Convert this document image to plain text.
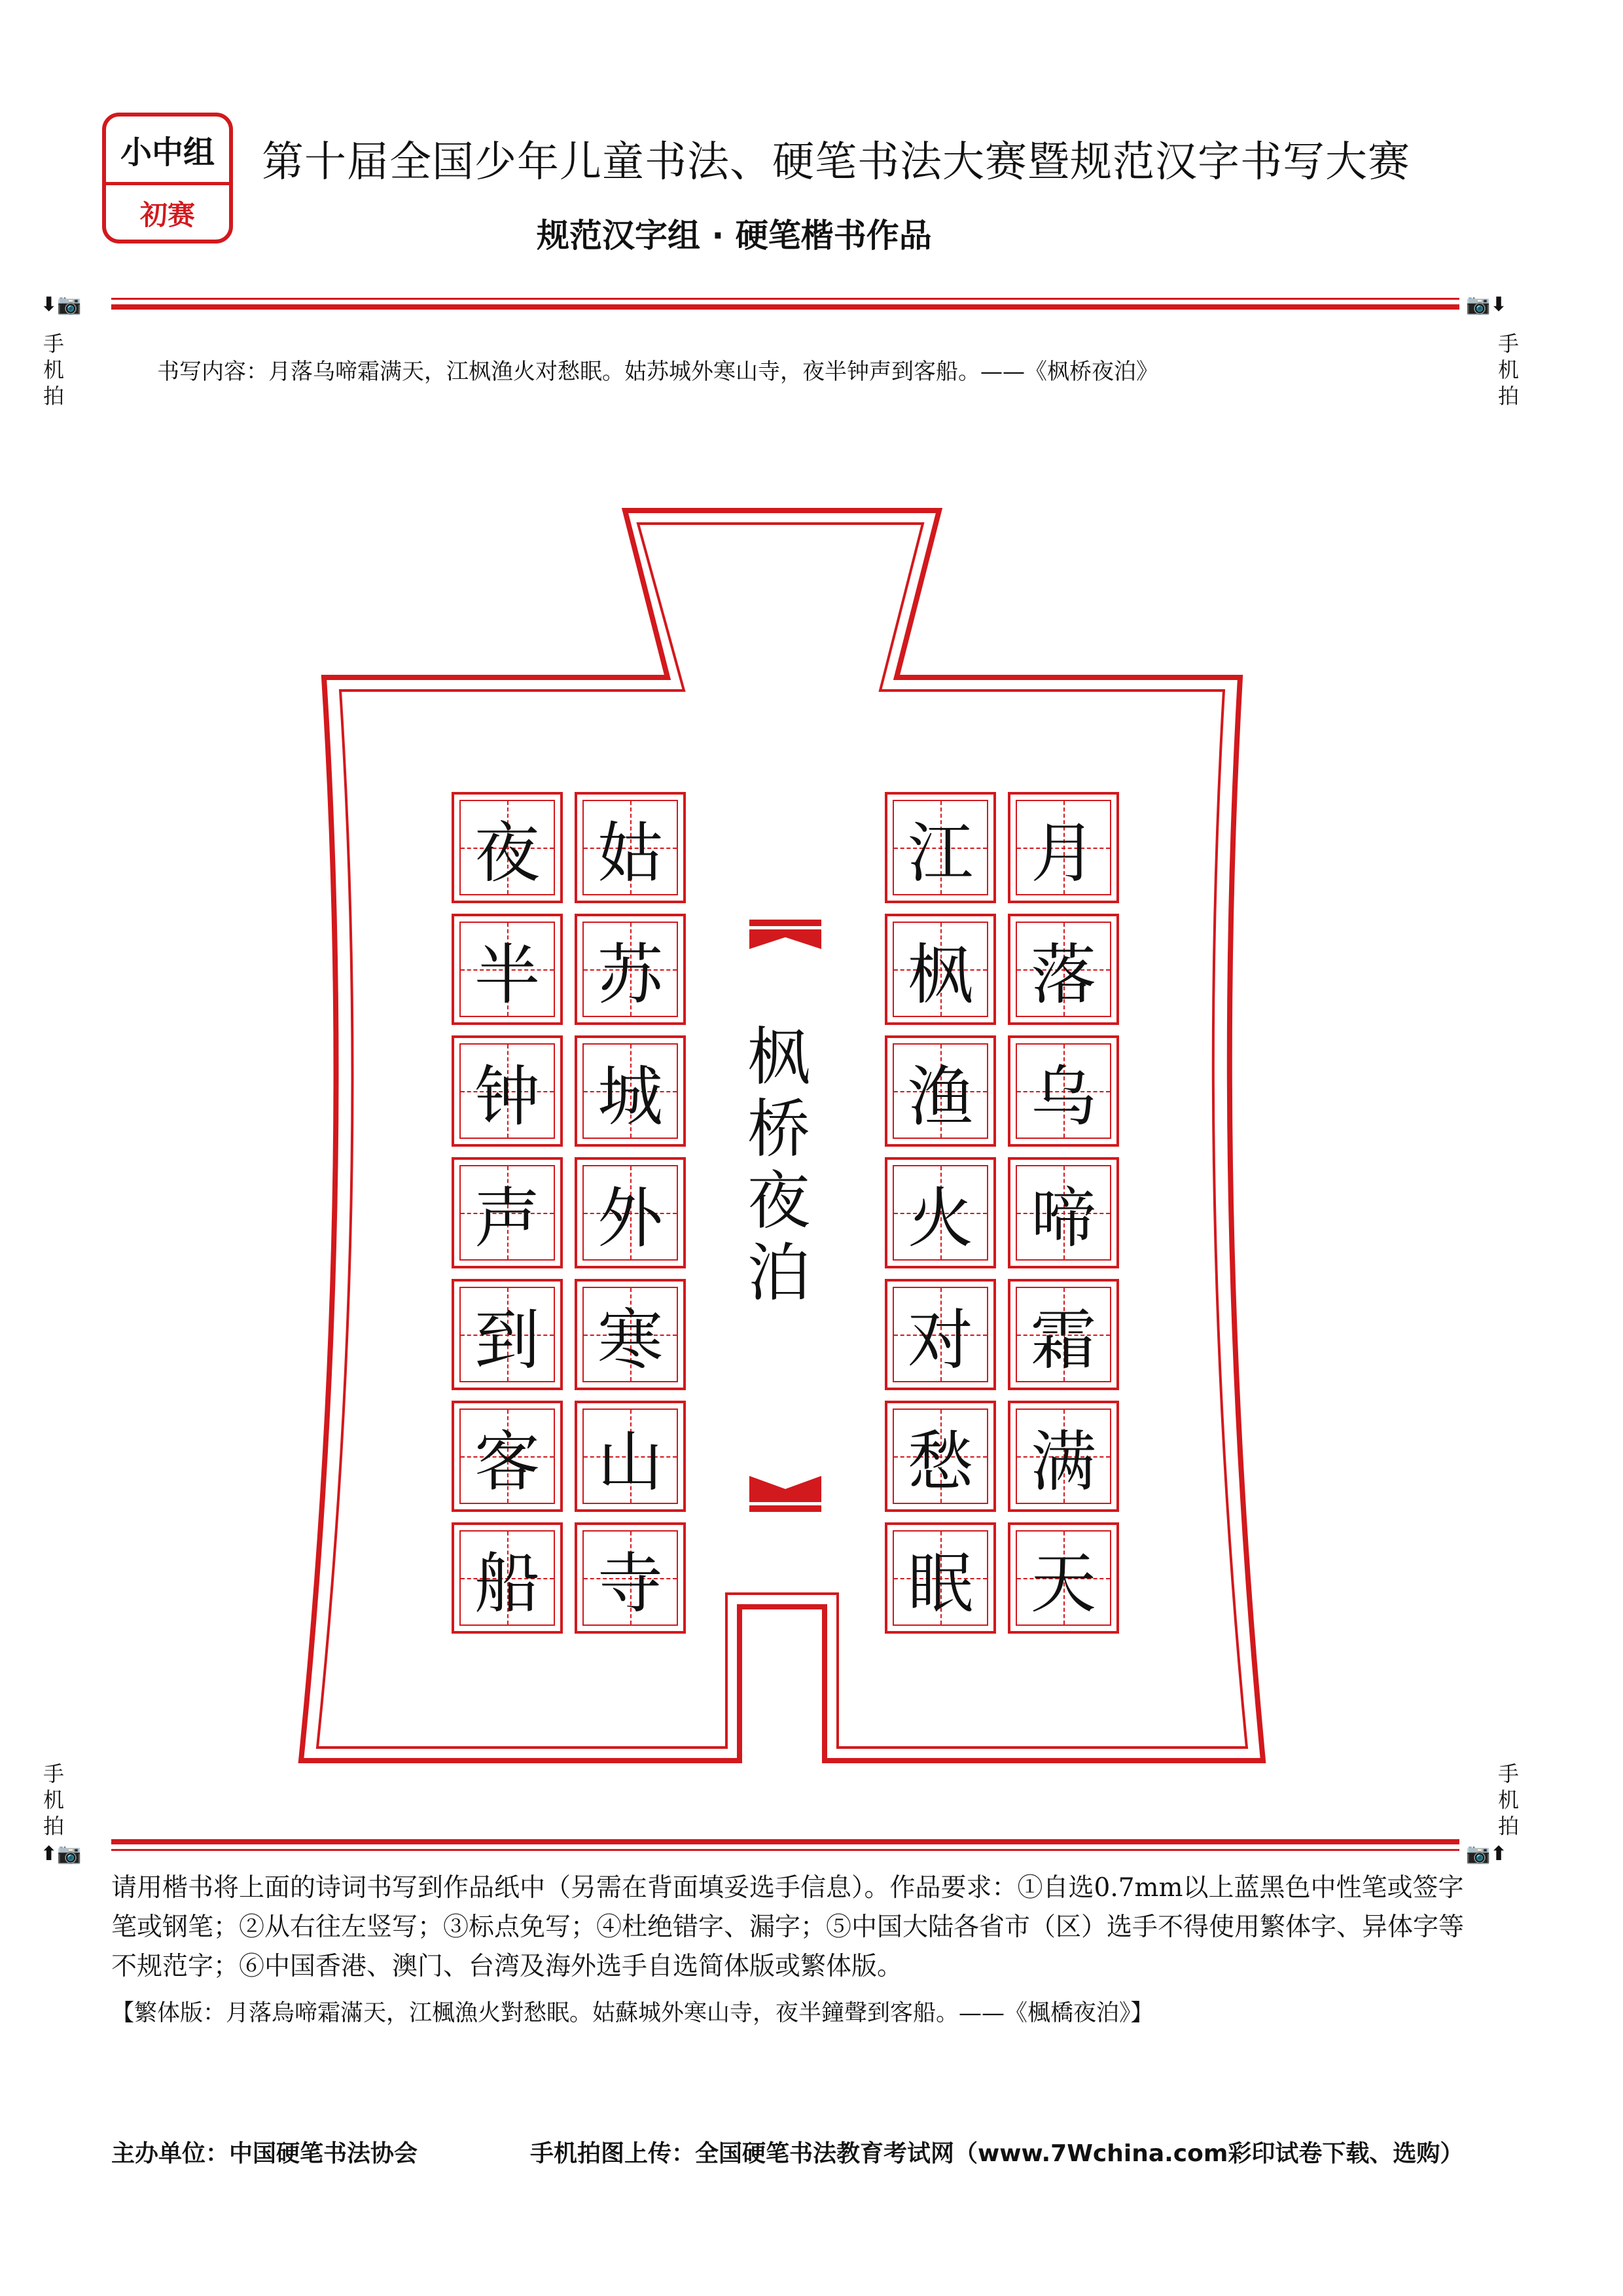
小中组
初赛
第十届全国少年儿童书法、硬笔书法大赛暨规范汉字书写大赛
规范汉字组 · 硬笔楷书作品
⬇📷
手机拍
📷⬇
手机拍
书写内容：月落乌啼霜满天，江枫渔火对愁眠。姑苏城外寒山寺，夜半钟声到客船。——《枫桥夜泊》
月
落
乌
啼
霜
满
天
江
枫
渔
火
对
愁
眠
姑
苏
城
外
寒
山
寺
夜
半
钟
声
到
客
船
枫
桥
夜
泊
手机拍
⬆📷
手机拍
📷⬆
请用楷书将上面的诗词书写到作品纸中（另需在背面填妥选手信息）。作品要求：①自选0.7mm以上蓝黑色中性笔或签字笔或钢笔；②从右往左竖写；③标点免写；④杜绝错字、漏字；⑤中国大陆各省市（区）选手不得使用繁体字、异体字等不规范字；⑥中国香港、澳门、台湾及海外选手自选简体版或繁体版。
【繁体版：月落烏啼霜滿天，江楓漁火對愁眠。姑蘇城外寒山寺，夜半鐘聲到客船。——《楓橋夜泊》】
主办单位：中国硬笔书法协会	手机拍图上传：全国硬笔书法教育考试网（www.7Wchina.com彩印试卷下载、选购）
